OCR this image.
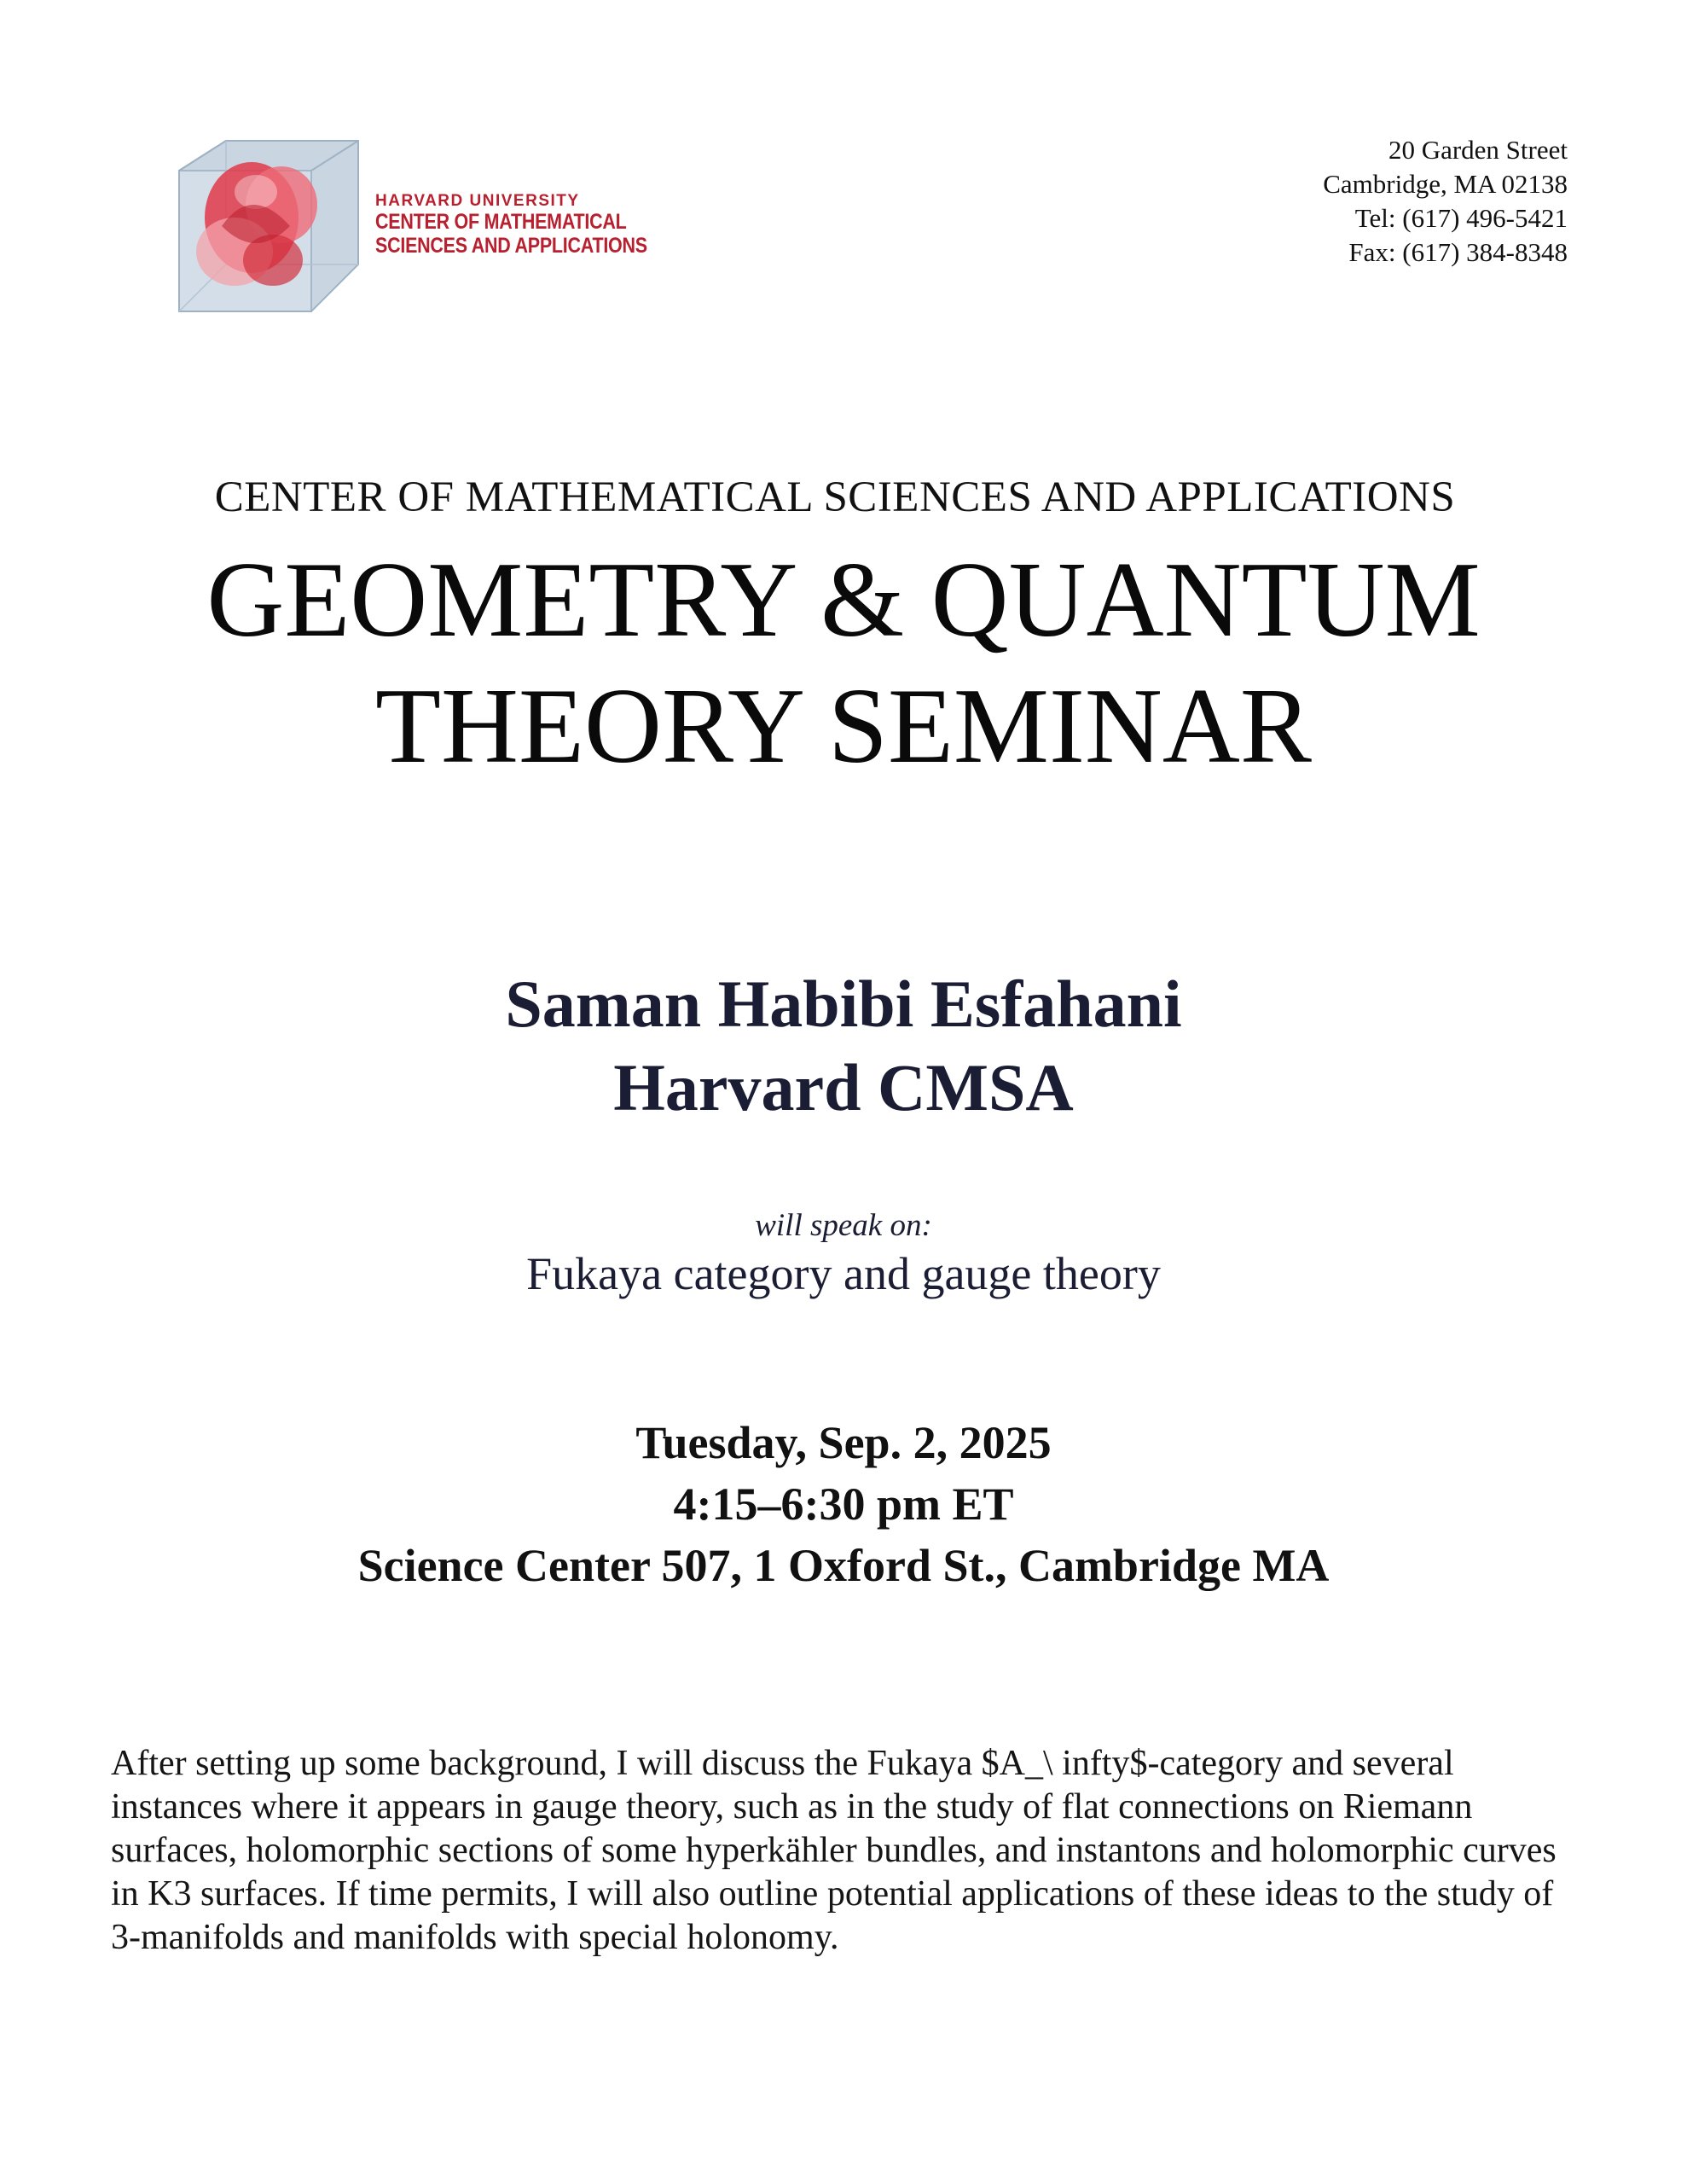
HARVARD UNIVERSITY
CENTER OF MATHEMATICAL
SCIENCES AND APPLICATIONS
20 Garden Street
Cambridge, MA 02138
Tel: (617) 496-5421
Fax: (617) 384-8348
CENTER OF MATHEMATICAL SCIENCES AND APPLICATIONS
GEOMETRY & QUANTUM
THEORY SEMINAR
Saman Habibi Esfahani
Harvard CMSA
will speak on:
Fukaya category and gauge theory
Tuesday, Sep. 2, 2025
4:15–6:30 pm ET
Science Center 507, 1 Oxford St., Cambridge MA
After setting up some background, I will discuss the Fukaya $A_\ infty$-category and several instances where it appears in gauge theory, such as in the study of flat connections on Riemann surfaces, holomorphic sections of some hyperkähler bundles, and instantons and holomorphic curves in K3 surfaces. If time permits, I will also outline potential applications of these ideas to the study of 3-manifolds and manifolds with special holonomy.
